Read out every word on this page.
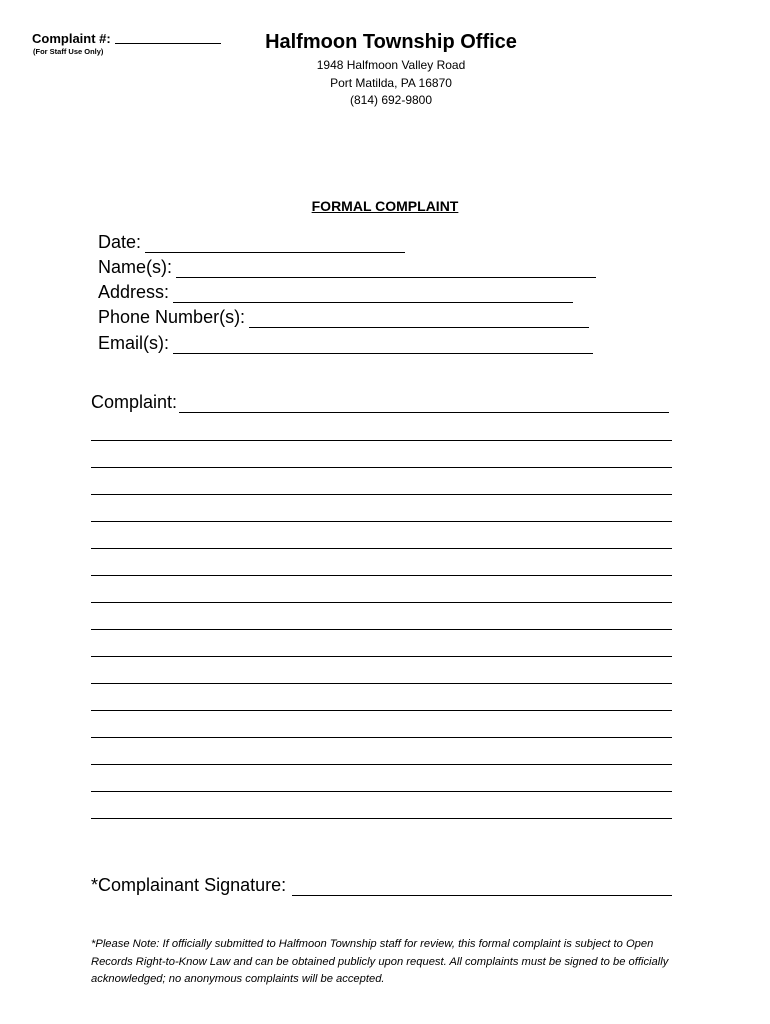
Complaint #:
(For Staff Use Only)	Halfmoon Township Office
1948 Halfmoon Valley Road
Port Matilda, PA 16870
(814) 692-9800
FORMAL COMPLAINT
Date:
Name(s):
Address:
Phone Number(s):
Email(s):
Complaint:
*Complainant Signature:
*Please Note: If officially submitted to Halfmoon Township staff for review, this formal complaint is subject to Open Records Right-to-Know Law and can be obtained publicly upon request. All complaints must be signed to be officially acknowledged; no anonymous complaints will be accepted.
